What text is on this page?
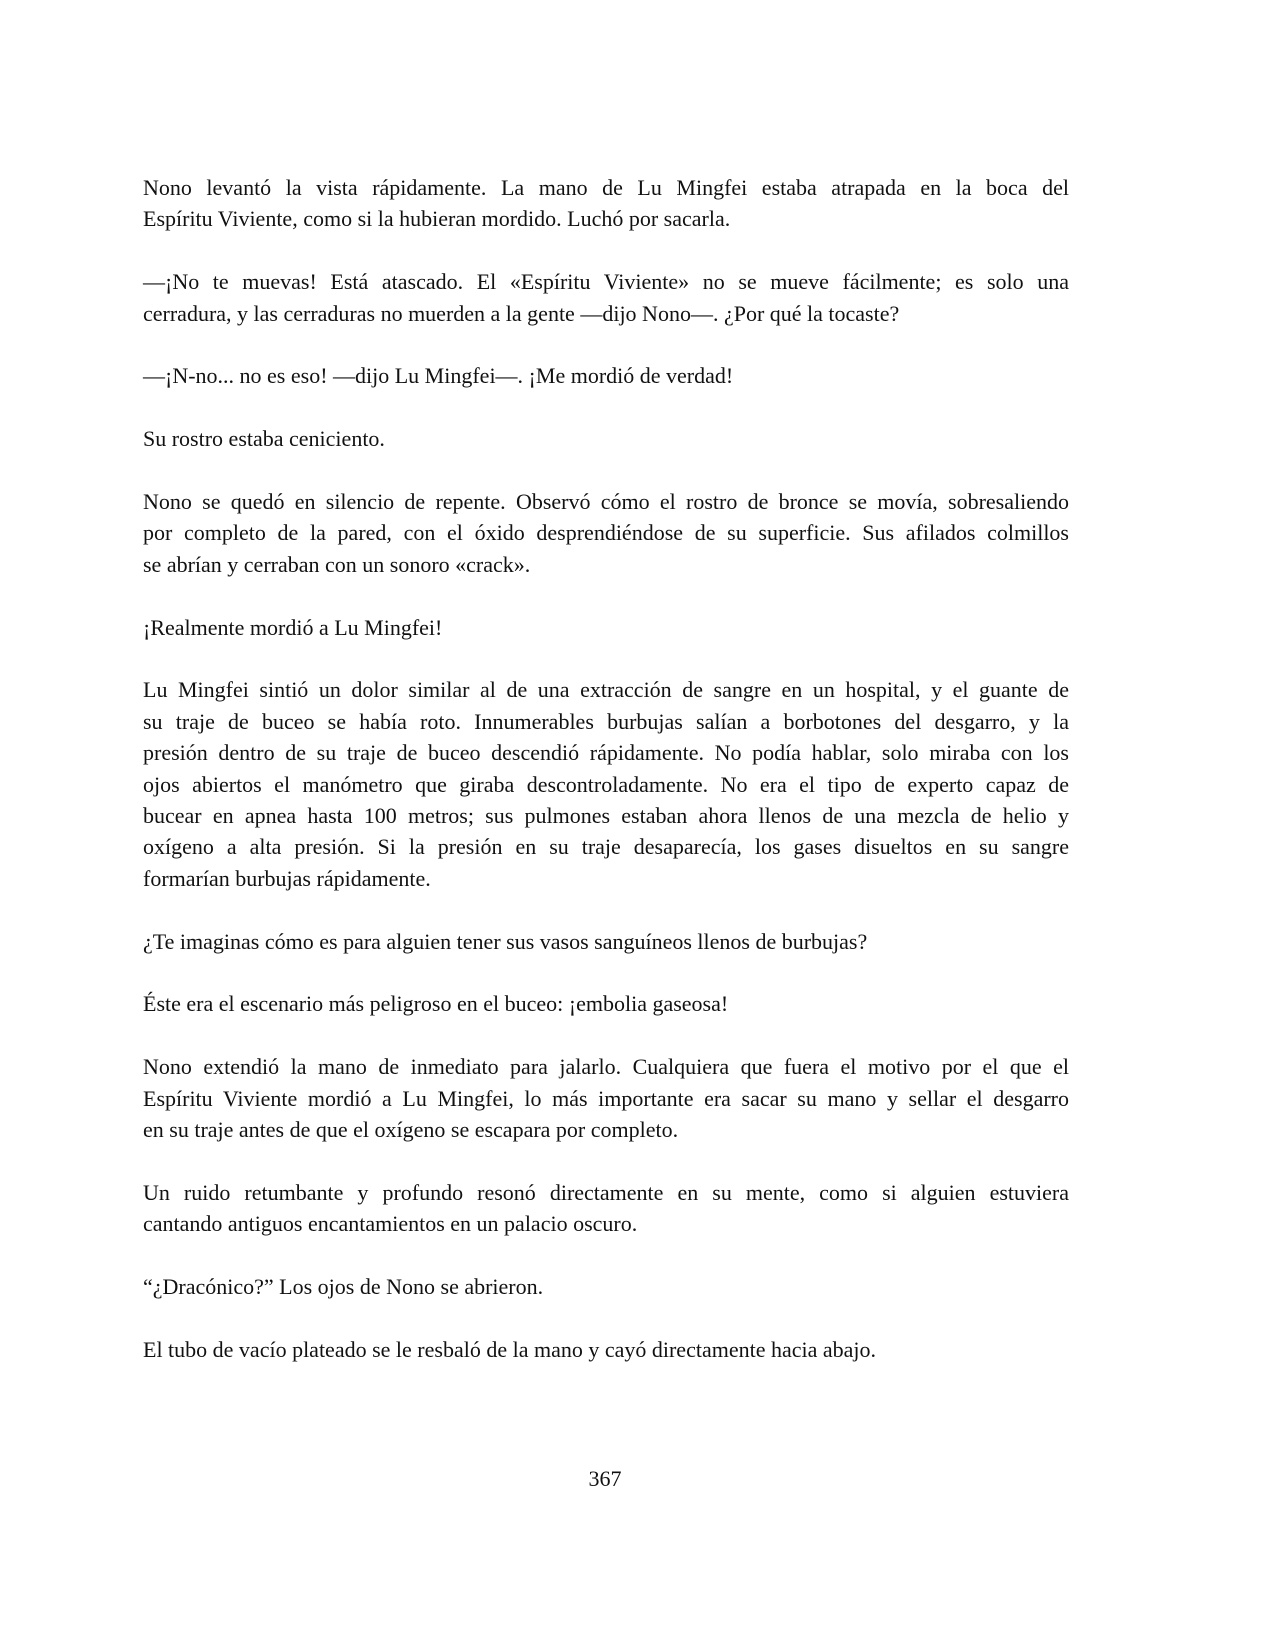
Nono levantó la vista rápidamente. La mano de Lu Mingfei estaba atrapada en la boca del
Espíritu Viviente, como si la hubieran mordido. Luchó por sacarla.

—¡No te muevas! Está atascado. El «Espíritu Viviente» no se mueve fácilmente; es solo una
cerradura, y las cerraduras no muerden a la gente —dijo Nono—. ¿Por qué la tocaste?

—¡N-no... no es eso! —dijo Lu Mingfei—. ¡Me mordió de verdad!

Su rostro estaba ceniciento.

Nono se quedó en silencio de repente. Observó cómo el rostro de bronce se movía, sobresaliendo
por completo de la pared, con el óxido desprendiéndose de su superficie. Sus afilados colmillos
se abrían y cerraban con un sonoro «crack».

¡Realmente mordió a Lu Mingfei!

Lu Mingfei sintió un dolor similar al de una extracción de sangre en un hospital, y el guante de
su traje de buceo se había roto. Innumerables burbujas salían a borbotones del desgarro, y la
presión dentro de su traje de buceo descendió rápidamente. No podía hablar, solo miraba con los
ojos abiertos el manómetro que giraba descontroladamente. No era el tipo de experto capaz de
bucear en apnea hasta 100 metros; sus pulmones estaban ahora llenos de una mezcla de helio y
oxígeno a alta presión. Si la presión en su traje desaparecía, los gases disueltos en su sangre
formarían burbujas rápidamente.

¿Te imaginas cómo es para alguien tener sus vasos sanguíneos llenos de burbujas?

Éste era el escenario más peligroso en el buceo: ¡embolia gaseosa!

Nono extendió la mano de inmediato para jalarlo. Cualquiera que fuera el motivo por el que el
Espíritu Viviente mordió a Lu Mingfei, lo más importante era sacar su mano y sellar el desgarro
en su traje antes de que el oxígeno se escapara por completo.

Un ruido retumbante y profundo resonó directamente en su mente, como si alguien estuviera
cantando antiguos encantamientos en un palacio oscuro.

“¿Dracónico?” Los ojos de Nono se abrieron.

El tubo de vacío plateado se le resbaló de la mano y cayó directamente hacia abajo.

367
